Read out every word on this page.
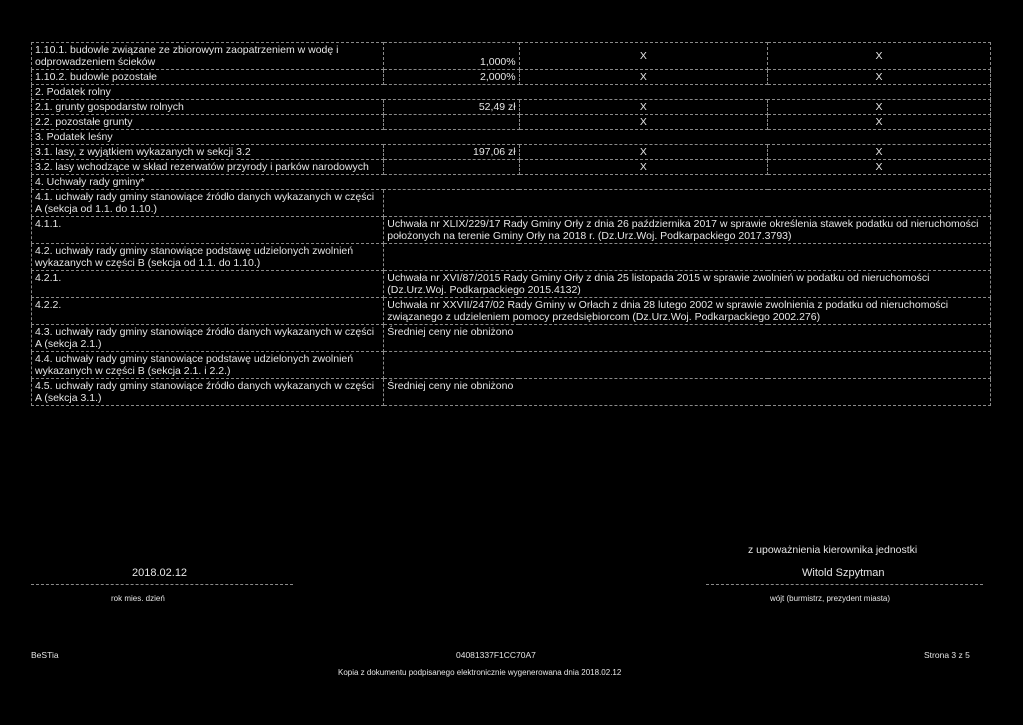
1.10.1. budowle związane ze zbiorowym zaopatrzeniem w wodę i odprowadzeniem ścieków	1,000%	X	X
1.10.2. budowle pozostałe	2,000%	X	X
2. Podatek rolny			
2.1. grunty gospodarstw rolnych	52,49 zł	X	X
2.2. pozostałe grunty		X	X
3. Podatek leśny			
3.1. lasy, z wyjątkiem wykazanych w sekcji 3.2	197,06 zł	X	X
3.2. lasy wchodzące w skład rezerwatów przyrody i parków narodowych		X	X
4. Uchwały rady gminy*			
4.1. uchwały rady gminy stanowiące źródło danych wykazanych w części A (sekcja od 1.1. do 1.10.)			
4.1.1.	Uchwała nr XLIX/229/17 Rady Gminy Orły z dnia 26 października 2017 w sprawie określenia stawek podatku od nieruchomości położonych na terenie Gminy Orły na 2018 r. (Dz.Urz.Woj. Podkarpackiego 2017.3793)		
4.2. uchwały rady gminy stanowiące podstawę udzielonych zwolnień wykazanych w części B (sekcja od 1.1. do 1.10.)			
4.2.1.	Uchwała nr XVI/87/2015 Rady Gminy Orły z dnia 25 listopada 2015 w sprawie zwolnień w podatku od nieruchomości (Dz.Urz.Woj. Podkarpackiego 2015.4132)		
4.2.2.	Uchwała nr XXVII/247/02 Rady Gminy w Orłach z dnia 28 lutego 2002 w sprawie zwolnienia z podatku od nieruchomości związanego z udzieleniem pomocy przedsiębiorcom (Dz.Urz.Woj. Podkarpackiego 2002.276)		
4.3. uchwały rady gminy stanowiące źródło danych wykazanych w części A (sekcja 2.1.)	Średniej ceny nie obniżono		
4.4. uchwały rady gminy stanowiące podstawę udzielonych zwolnień wykazanych w części B (sekcja 2.1. i 2.2.)			
4.5. uchwały rady gminy stanowiące źródło danych wykazanych w części A (sekcja 3.1.)	Średniej ceny nie obniżono		
z upoważnienia kierownika jednostki
2018.02.12
rok mies. dzień
Witold Szpytman
wójt (burmistrz, prezydent miasta)
BeSTia	04081337F1CC70A7	Strona 3 z 5
Kopia z dokumentu podpisanego elektronicznie wygenerowana dnia 2018.02.12
